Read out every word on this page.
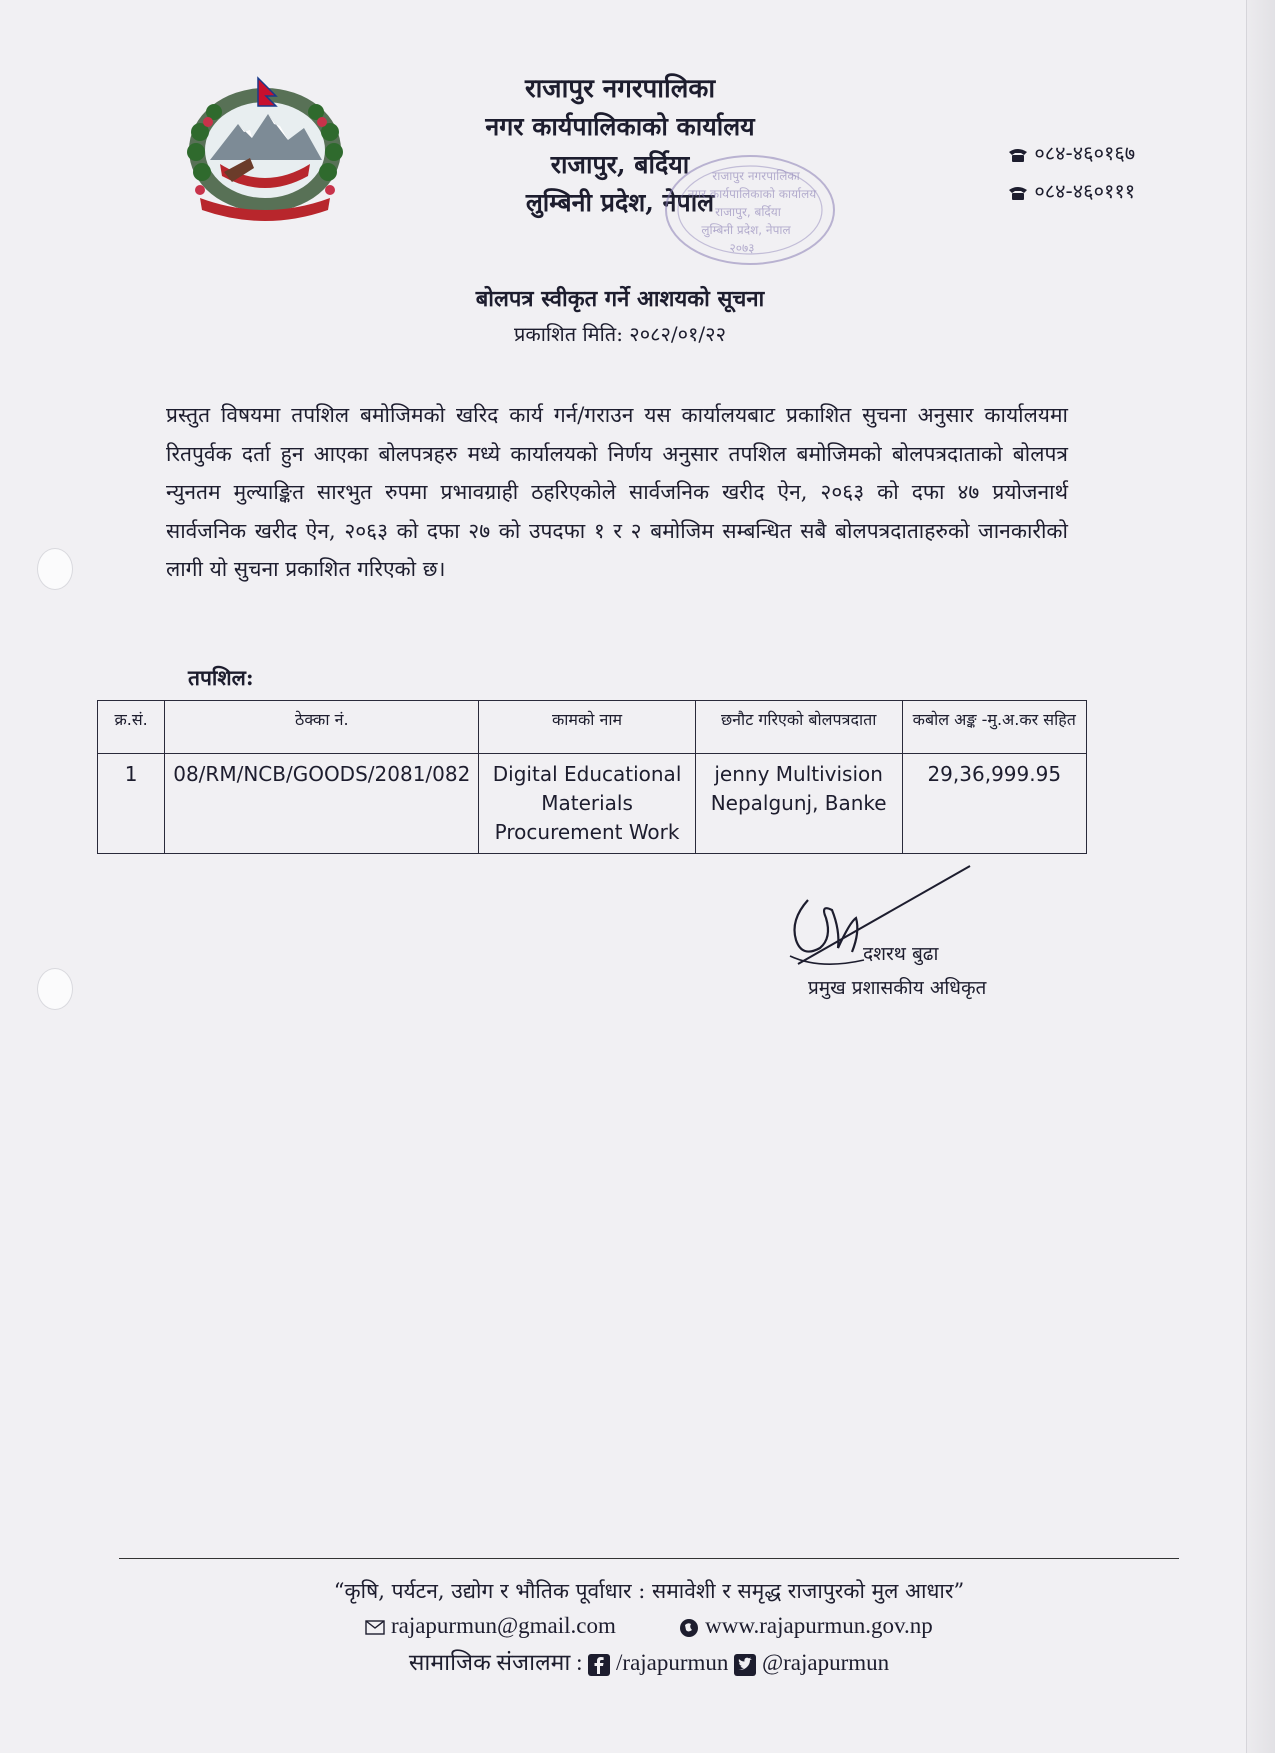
राजापुर नगरपालिका
नगर कार्यपालिकाको कार्यालय
राजापुर, बर्दिया
लुम्बिनी प्रदेश, नेपाल
राजापुर नगरपालिका
नगर कार्यपालिकाको कार्यालय
राजापुर, बर्दिया
लुम्बिनी प्रदेश, नेपाल
२०७३
०८४-४६०१६७
०८४-४६०१११
बोलपत्र स्वीकृत गर्ने आशयको सूचना
प्रकाशित मिति: २०८२/०१/२२
प्रस्तुत विषयमा तपशिल बमोजिमको खरिद कार्य गर्न/गराउन यस कार्यालयबाट प्रकाशित सुचना अनुसार कार्यालयमा रितपुर्वक दर्ता हुन आएका बोलपत्रहरु मध्ये कार्यालयको निर्णय अनुसार तपशिल बमोजिमको बोलपत्रदाताको बोलपत्र न्युनतम मुल्याङ्कित सारभुत रुपमा प्रभावग्राही ठहरिएकोले सार्वजनिक खरीद ऐन, २०६३ को दफा ४७ प्रयोजनार्थ सार्वजनिक खरीद ऐन, २०६३ को दफा २७ को उपदफा १ र २ बमोजिम सम्बन्धित सबै बोलपत्रदाताहरुको जानकारीको लागी यो सुचना प्रकाशित गरिएको छ।
तपशिल:
क्र.सं.	ठेक्का नं.	कामको नाम	छनौट गरिएको बोलपत्रदाता	कबोल अङ्क -मु.अ.कर सहित
1	08/RM/NCB/GOODS/2081/082	Digital Educational Materials Procurement Work	jenny Multivision Nepalgunj, Banke	29,36,999.95
दशरथ बुढा
प्रमुख प्रशासकीय अधिकृत
“कृषि, पर्यटन, उद्योग र भौतिक पूर्वाधार : समावेशी र समृद्ध राजापुरको मुल आधार”
rajapurmun@gmail.com	www.rajapurmun.gov.np
सामाजिक संजालमा : /rajapurmun @rajapurmun
